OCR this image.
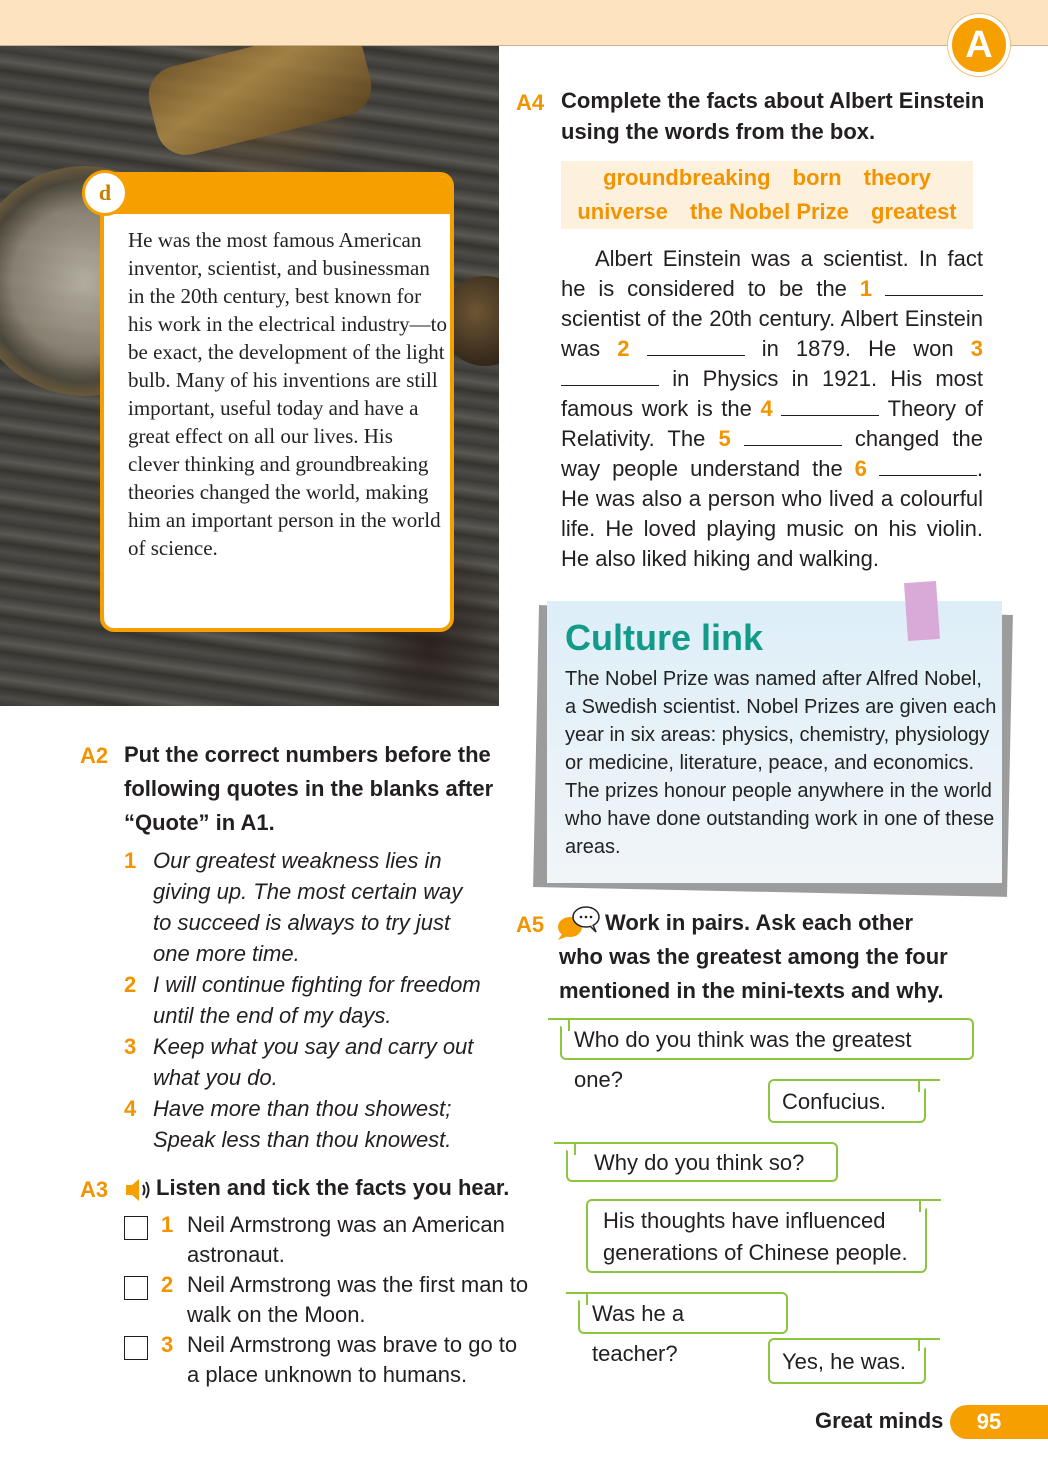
A
He was the most famous American inventor, scientist, and businessman in the 20th century, best known for his work in the electrical industry—to be exact, the development of the light bulb. Many of his inventions are still important, useful today and have a great effect on all our lives. His clever thinking and groundbreaking theories changed the world, making him an important person in the world of science.
d
A4 Complete the facts about Albert Einstein
using the words from the box.
groundbreaking born theory
universe the Nobel Prize greatest
Albert Einstein was a scientist. In fact he is considered to be the 1  scientist of the 20th century. Albert Einstein was 2	in 1879. He won 3  in Physics in 1921. His most famous work is the 4	Theory of Relativity. The 5	changed the way people understand the 6	. He was also a person who lived a colourful life. He loved playing music on his violin. He also liked hiking and walking.
Culture link
The Nobel Prize was named after Alfred Nobel, a Swedish scientist. Nobel Prizes are given each year in six areas: physics, chemistry, physiology or medicine, literature, peace, and economics. The prizes honour people anywhere in the world who have done outstanding work in one of these areas.
A2 Put the correct numbers before the
following quotes in the blanks after
“Quote” in A1.
1 Our greatest weakness lies in giving up. The most certain way to succeed is always to try just one more time.
2 I will continue fighting for freedom until the end of my days.
3 Keep what you say and carry out what you do.
4 Have more than thou showest; Speak less than thou knowest.
A3 Listen and tick the facts you hear.
1 Neil Armstrong was an American astronaut.
2 Neil Armstrong was the first man to walk on the Moon.
3 Neil Armstrong was brave to go to a place unknown to humans.
A5	Work in pairs. Ask each other
who was the greatest among the four
mentioned in the mini-texts and why.
Who do you think was the greatest one?
Confucius.
Why do you think so?
His thoughts have influenced generations of Chinese people.
Was he a teacher?	Yes, he was.
Great minds	95
